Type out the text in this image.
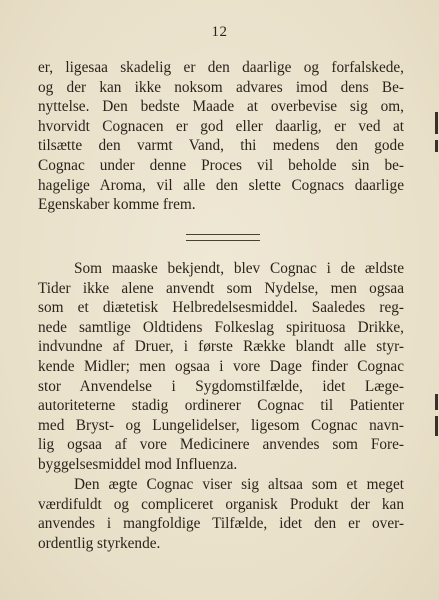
12
er, ligesaa skadelig er den daarlige og forfalskede,
og der kan ikke noksom advares imod dens Be-
nyttelse. Den bedste Maade at overbevise sig om,
hvorvidt Cognacen er god eller daarlig, er ved at
tilsætte den varmt Vand, thi medens den gode
Cognac under denne Proces vil beholde sin be-
hagelige Aroma, vil alle den slette Cognacs daarlige
Egenskaber komme frem.
Som maaske bekjendt, blev Cognac i de ældste
Tider ikke alene anvendt som Nydelse, men ogsaa
som et diætetisk Helbredelsesmiddel. Saaledes reg-
nede samtlige Oldtidens Folkeslag spirituosa Drikke,
indvundne af Druer, i første Række blandt alle styr-
kende Midler; men ogsaa i vore Dage finder Cognac
stor Anvendelse i Sygdomstilfælde, idet Læge-
autoriteterne stadig ordinerer Cognac til Patienter
med Bryst- og Lungelidelser, ligesom Cognac navn-
lig ogsaa af vore Medicinere anvendes som Fore-
byggelsesmiddel mod Influenza.
Den ægte Cognac viser sig altsaa som et meget
værdifuldt og compliceret organisk Produkt der kan
anvendes i mangfoldige Tilfælde, idet den er over-
ordentlig styrkende.
